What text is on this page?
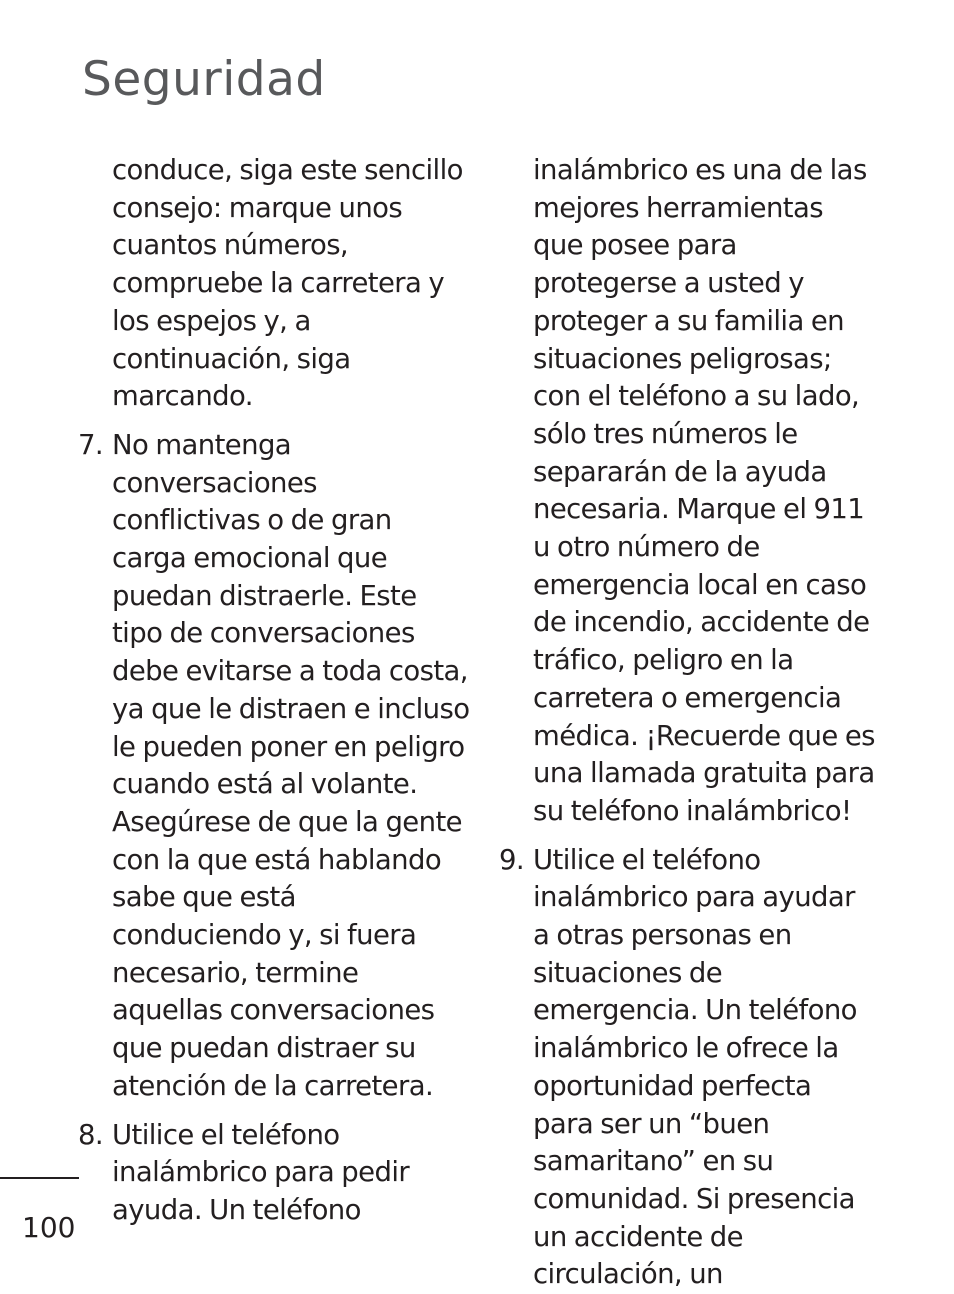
Seguridad

conduce, siga este sencillo consejo: marque unos cuantos números, compruebe la carretera y los espejos y, a continuación, siga marcando.

7. No mantenga conversaciones conflictivas o de gran carga emocional que puedan distraerle. Este tipo de conversaciones debe evitarse a toda costa, ya que le distraen e incluso le pueden poner en peligro cuando está al volante. Asegúrese de que la gente con la que está hablando sabe que está conduciendo y, si fuera necesario, termine aquellas conversaciones que puedan distraer su atención de la carretera.
8. Utilice el teléfono inalámbrico para pedir ayuda. Un teléfono

inalámbrico es una de las mejores herramientas que posee para protegerse a usted y proteger a su familia en situaciones peligrosas; con el teléfono a su lado, sólo tres números le separarán de la ayuda necesaria. Marque el 911 u otro número de emergencia local en caso de incendio, accidente de tráfico, peligro en la carretera o emergencia médica. ¡Recuerde que es una llamada gratuita para su teléfono inalámbrico!

9. Utilice el teléfono inalámbrico para ayudar a otras personas en situaciones de emergencia. Un teléfono inalámbrico le ofrece la oportunidad perfecta para ser un “buen samaritano” en su comunidad. Si presencia un accidente de circulación, un
100
